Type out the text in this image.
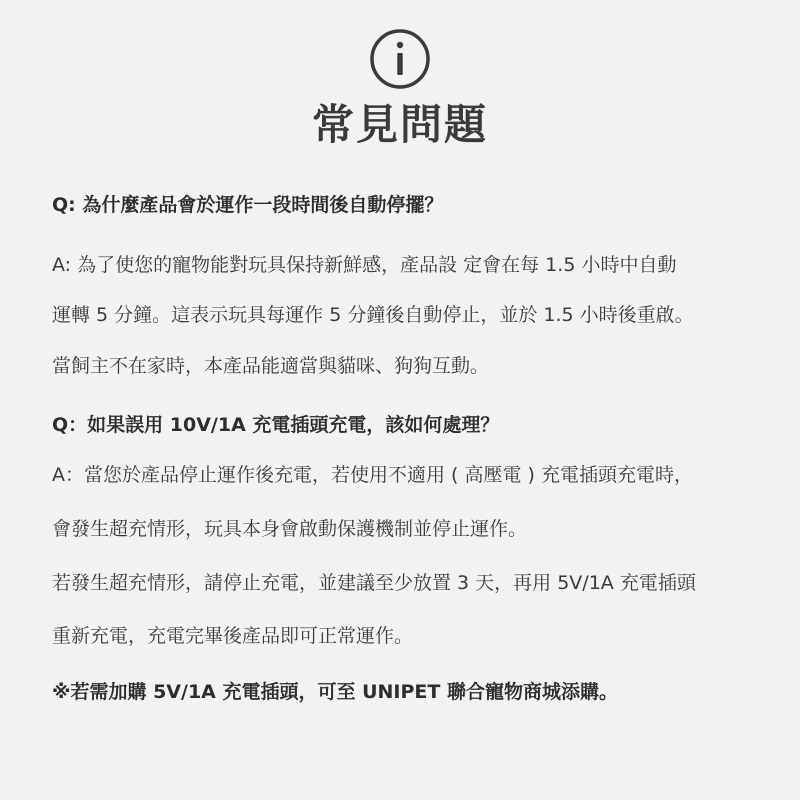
常見問題
Q: 為什麼產品會於運作一段時間後自動停擺？
A: 為了使您的寵物能對玩具保持新鮮感，產品設 定會在每 1.5 小時中自動
運轉 5 分鐘。這表示玩具每運作 5 分鐘後自動停止，並於 1.5 小時後重啟。
當飼主不在家時，本產品能適當與貓咪、狗狗互動。
Q：如果誤用 10V/1A 充電插頭充電，該如何處理？
A：當您於產品停止運作後充電，若使用不適用 ( 高壓電 ) 充電插頭充電時，
會發生超充情形，玩具本身會啟動保護機制並停止運作。
若發生超充情形，請停止充電，並建議至少放置 3 天，再用 5V/1A 充電插頭
重新充電，充電完畢後產品即可正常運作。
※若需加購 5V/1A 充電插頭，可至 UNIPET 聯合寵物商城添購。
